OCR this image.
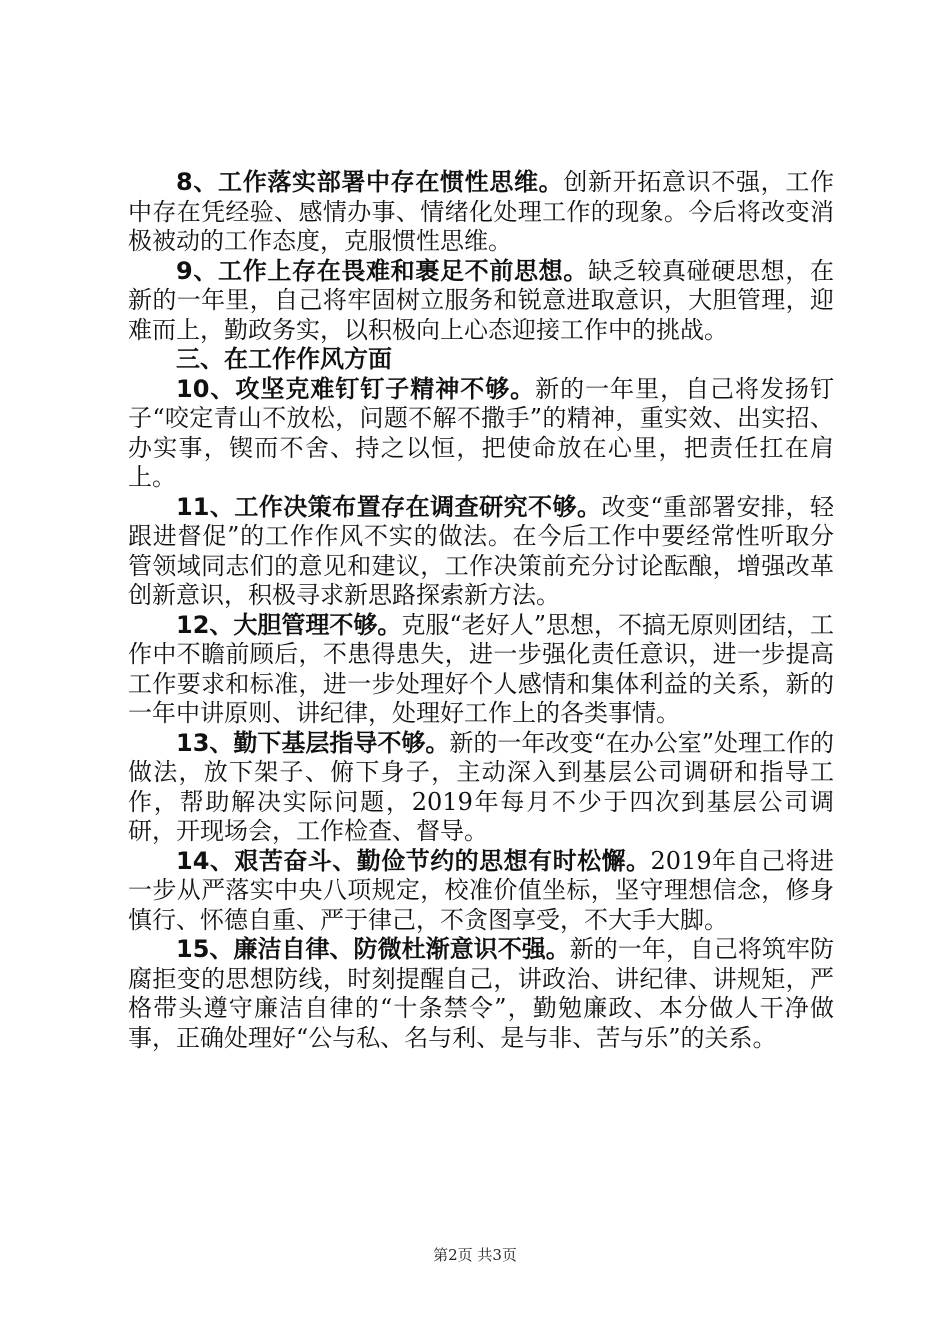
8、工作落实部署中存在惯性思维。创新开拓意识不强，工作中存在凭经验、感情办事、情绪化处理工作的现象。今后将改变消极被动的工作态度，克服惯性思维。

9、工作上存在畏难和裹足不前思想。缺乏较真碰硬思想，在新的一年里，自己将牢固树立服务和锐意进取意识，大胆管理，迎难而上，勤政务实，以积极向上心态迎接工作中的挑战。

三、在工作作风方面

10、攻坚克难钉钉子精神不够。新的一年里，自己将发扬钉子“咬定青山不放松，问题不解不撒手”的精神，重实效、出实招、办实事，锲而不舍、持之以恒，把使命放在心里，把责任扛在肩上。

11、工作决策布置存在调查研究不够。改变“重部署安排，轻跟进督促”的工作作风不实的做法。在今后工作中要经常性听取分管领域同志们的意见和建议，工作决策前充分讨论酝酿，增强改革创新意识，积极寻求新思路探索新方法。

12、大胆管理不够。克服“老好人”思想，不搞无原则团结，工作中不瞻前顾后，不患得患失，进一步强化责任意识，进一步提高工作要求和标准，进一步处理好个人感情和集体利益的关系，新的一年中讲原则、讲纪律，处理好工作上的各类事情。

13、勤下基层指导不够。新的一年改变“在办公室”处理工作的做法，放下架子、俯下身子，主动深入到基层公司调研和指导工作，帮助解决实际问题，2019年每月不少于四次到基层公司调研，开现场会，工作检查、督导。

14、艰苦奋斗、勤俭节约的思想有时松懈。2019年自己将进一步从严落实中央八项规定，校准价值坐标，坚守理想信念，修身慎行、怀德自重、严于律己，不贪图享受，不大手大脚。

15、廉洁自律、防微杜渐意识不强。新的一年，自己将筑牢防腐拒变的思想防线，时刻提醒自己，讲政治、讲纪律、讲规矩，严格带头遵守廉洁自律的“十条禁令”，勤勉廉政、本分做人干净做事，正确处理好“公与私、名与利、是与非、苦与乐”的关系。

第2页 共3页
